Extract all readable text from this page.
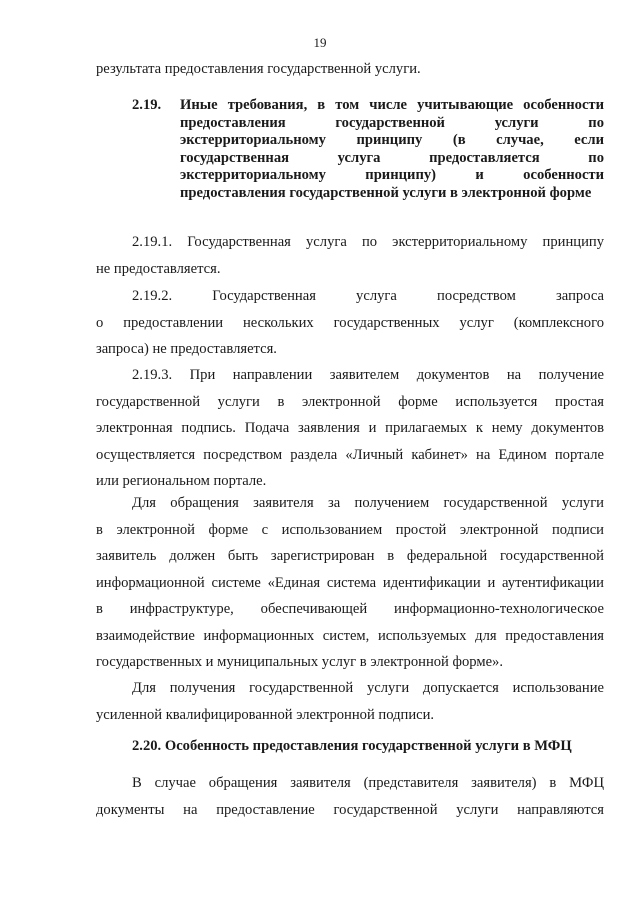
19

результата предоставления государственной услуги.

2.19. Иные требования, в том числе учитывающие особенности предоставления государственной услуги по экстерриториальному принципу (в случае, если государственная услуга предоставляется по экстерриториальному принципу) и особенности предоставления государственной услуги в электронной форме

2.19.1. Государственная услуга по экстерриториальному принципу

не предоставляется.

2.19.2. Государственная услуга посредством запроса

о предоставлении нескольких государственных услуг (комплексного

запроса) не предоставляется.

2.19.3. При направлении заявителем документов на получение

государственной услуги в электронной форме используется простая

электронная подпись. Подача заявления и прилагаемых к нему документов

осуществляется посредством раздела «Личный кабинет» на Едином портале

или региональном портале.

Для обращения заявителя за получением государственной услуги

в электронной форме с использованием простой электронной подписи

заявитель должен быть зарегистрирован в федеральной государственной

информационной системе «Единая система идентификации и аутентификации

в инфраструктуре, обеспечивающей информационно-технологическое

взаимодействие информационных систем, используемых для предоставления

государственных и муниципальных услуг в электронной форме».

Для получения государственной услуги допускается использование

усиленной квалифицированной электронной подписи.

2.20. Особенность предоставления государственной услуги в МФЦ

В случае обращения заявителя (представителя заявителя) в МФЦ

документы на предоставление государственной услуги направляются
